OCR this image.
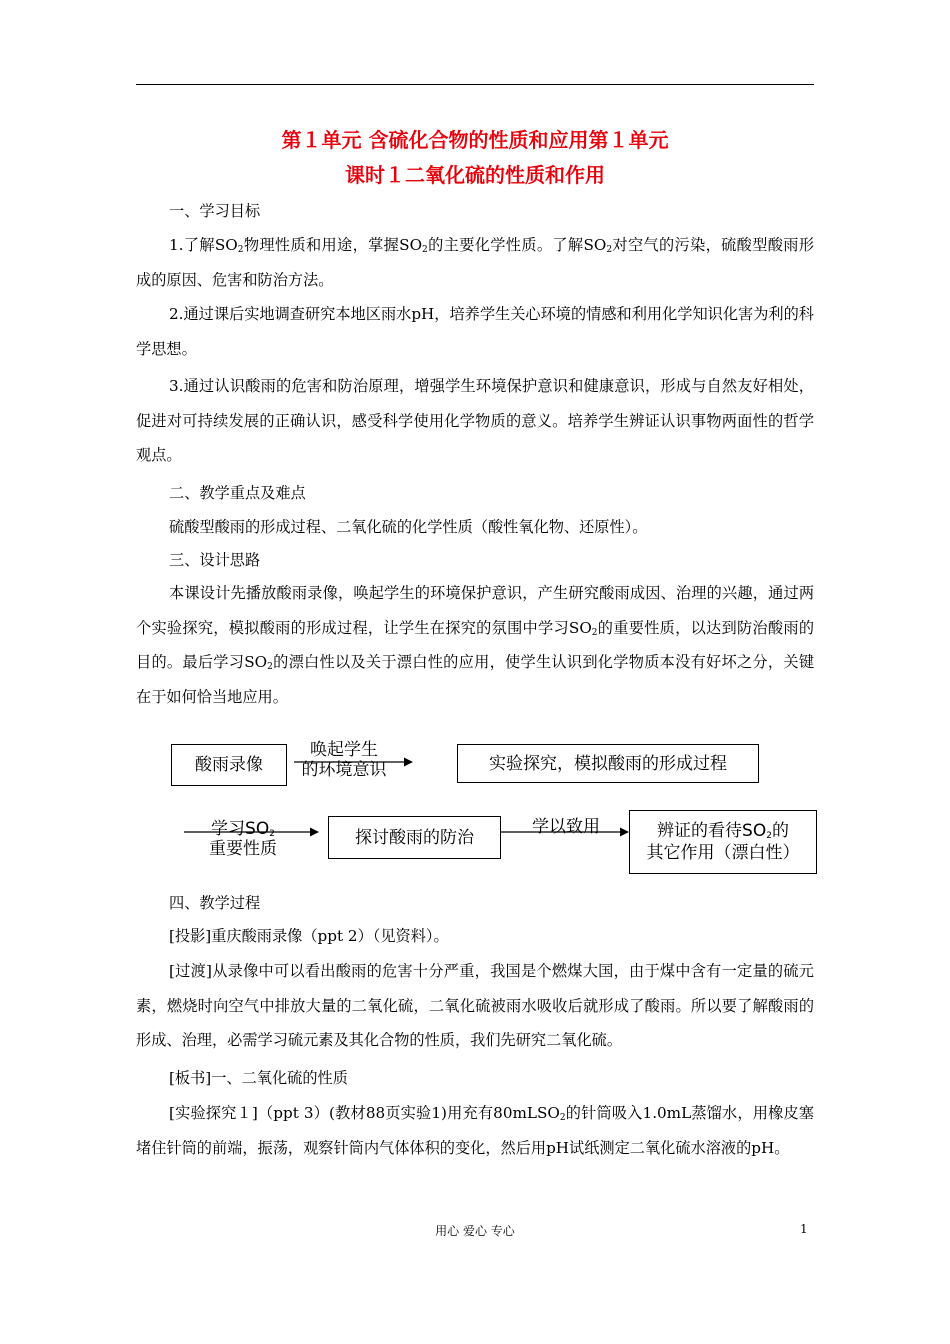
第１单元 含硫化合物的性质和应用第１单元
课时１二氧化硫的性质和作用

一、学习目标

1.了解$SO_2$物理性质和用途，掌握$SO_2$的主要化学性质。了解$SO_2$对空气的污染，硫酸型酸雨形成的原因、危害和防治方法。

2.通过课后实地调查研究本地区雨水pH，培养学生关心环境的情感和利用化学知识化害为利的科学思想。

3.通过认识酸雨的危害和防治原理，增强学生环境保护意识和健康意识，形成与自然友好相处，促进对可持续发展的正确认识，感受科学使用化学物质的意义。培养学生辨证认识事物两面性的哲学观点。

二、教学重点及难点

硫酸型酸雨的形成过程、二氧化硫的化学性质（酸性氧化物、还原性）。

三、设计思路

本课设计先播放酸雨录像，唤起学生的环境保护意识，产生研究酸雨成因、治理的兴趣，通过两个实验探究，模拟酸雨的形成过程，让学生在探究的氛围中学习$SO_2$的重要性质，以达到防治酸雨的目的。最后学习$SO_2$的漂白性以及关于漂白性的应用，使学生认识到化学物质本没有好坏之分，关键在于如何恰当地应用。

酸雨录像
唤起学生
的环境意识	实验探究，模拟酸雨的形成过程
学习$SO_2$
重要性质
探讨酸雨的防治
学以致用	辨证的看待$SO_2$的
其它作用（漂白性）

四、教学过程

[投影]重庆酸雨录像（ppt 2）（见资料）。

[过渡]从录像中可以看出酸雨的危害十分严重，我国是个燃煤大国，由于煤中含有一定量的硫元素，燃烧时向空气中排放大量的二氧化硫，二氧化硫被雨水吸收后就形成了酸雨。所以要了解酸雨的形成、治理，必需学习硫元素及其化合物的性质，我们先研究二氧化硫。

[板书]一、二氧化硫的性质

[实验探究１]（ppt 3）(教材88页实验1)用充有80mLSO$_2$的针筒吸入1.0mL蒸馏水，用橡皮塞堵住针筒的前端，振荡，观察针筒内气体体积的变化，然后用pH试纸测定二氧化硫水溶液的pH。

用心 爱心 专心	1
